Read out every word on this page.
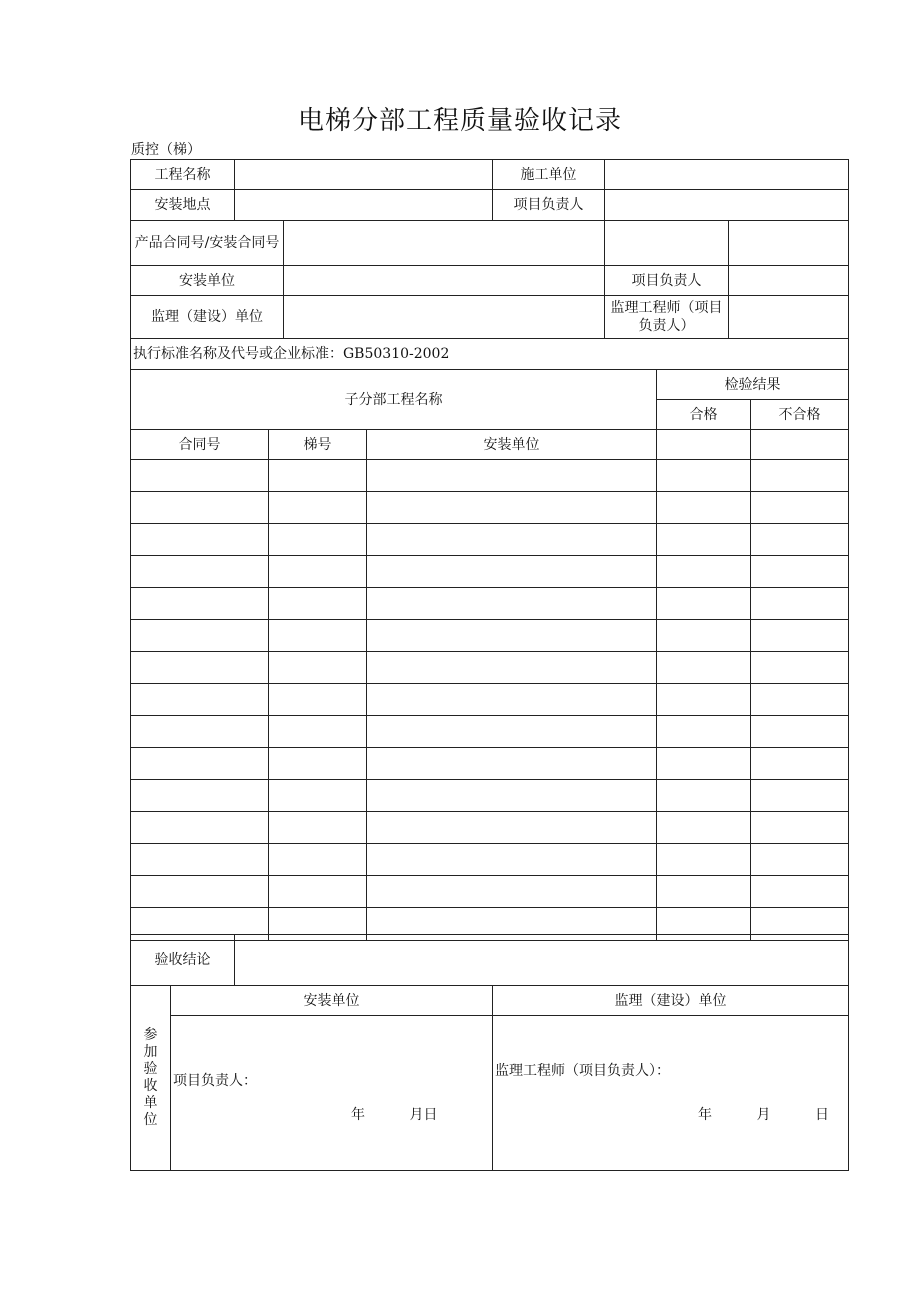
电梯分部工程质量验收记录
质控（梯）
工程名称		施工单位	
安装地点		项目负责人	
产品合同号/安装合同号			
安装单位		项目负责人	
监理（建设）单位		监理工程师（项目负责人）	
执行标准名称及代号或企业标准：GB50310-2002			
子分部工程名称			检验结果	
			合格	不合格
合同号	梯号	安装单位		

验收结论			
参加验收单位	安装单位		监理（建设）单位

	项目负责人：
年          月日		监理工程师（项目负责人）：
年          月          日
